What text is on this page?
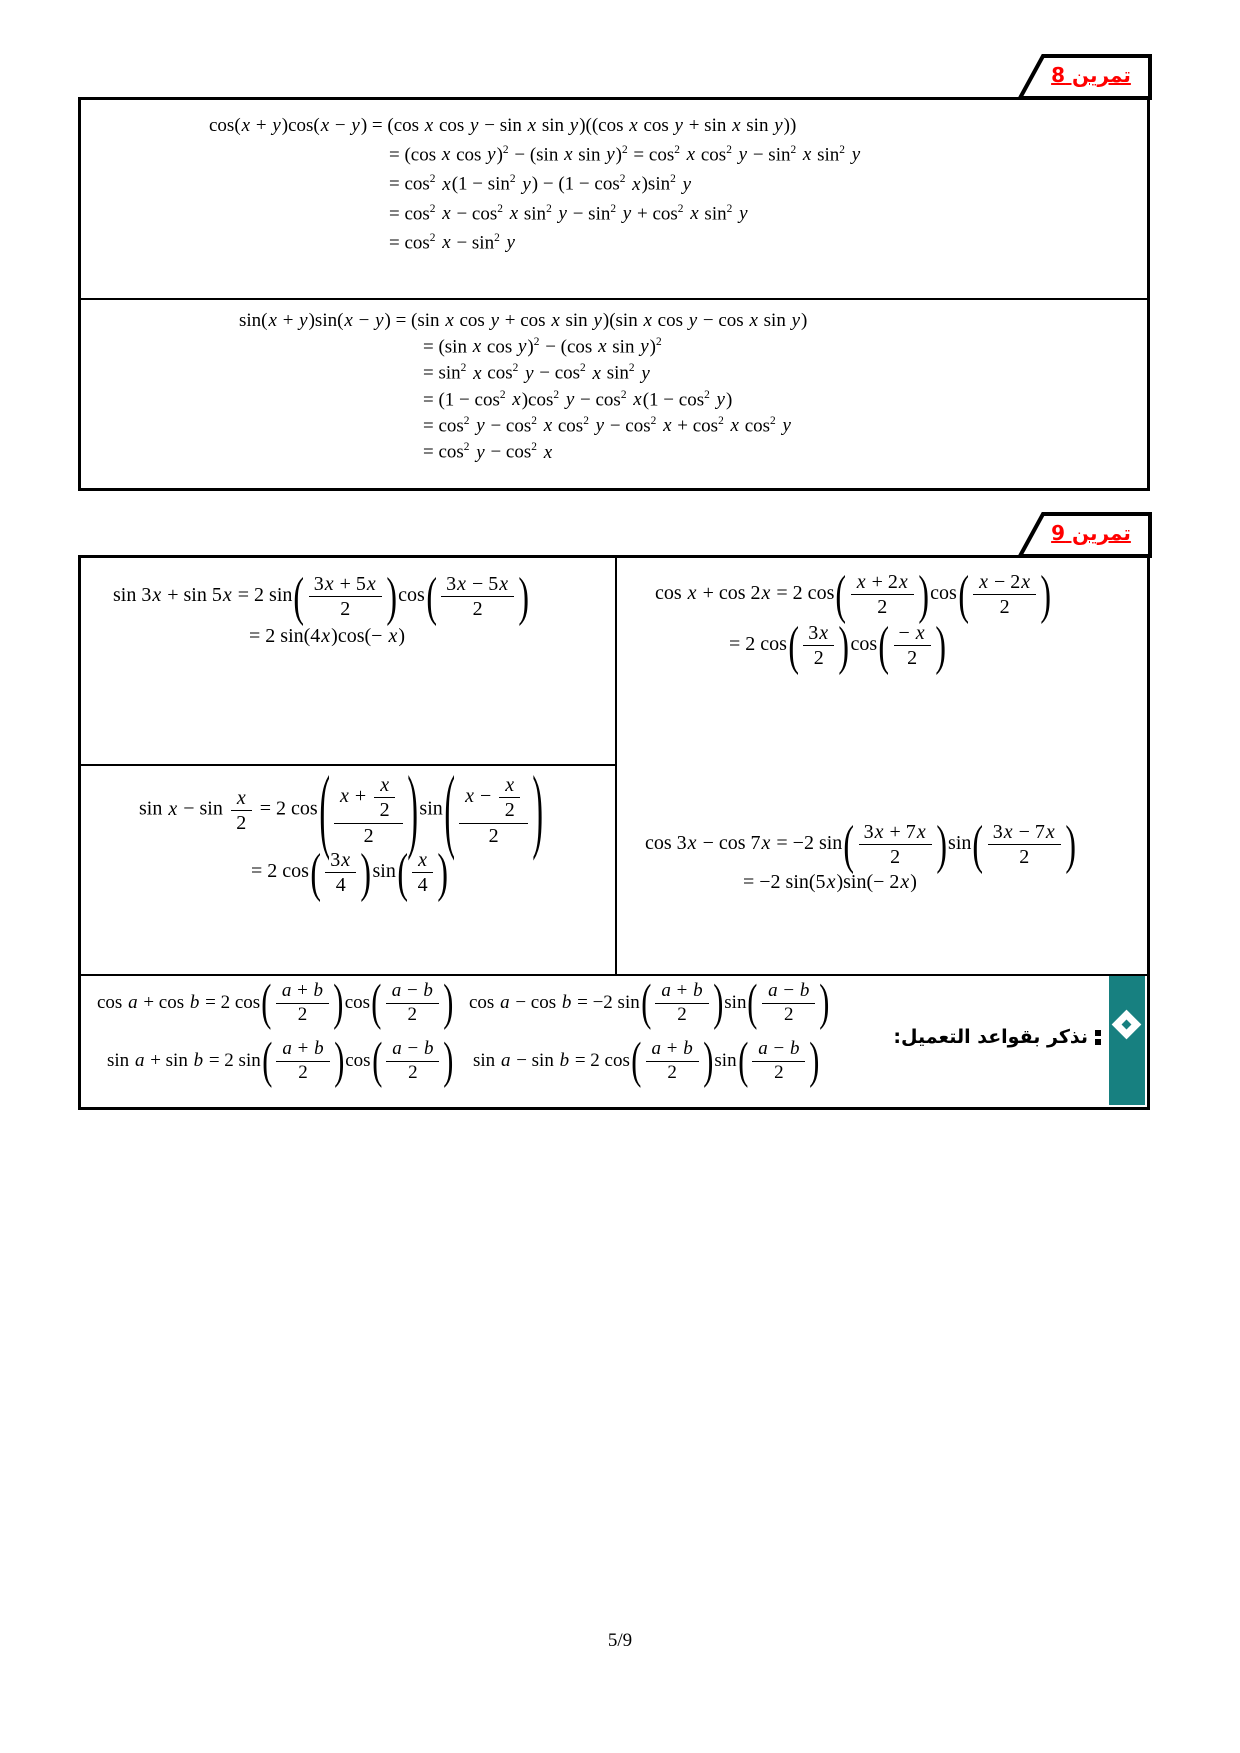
تمرين 8
cos(x + y)cos(x − y) = (cos x cos y − sin x sin y)((cos x cos y + sin x sin y))
= (cos x cos y)$^2$ − (sin x $\sin y)^2 = \cos^2 x$ $\cos^2 y - \sin^2 x$ $\sin^2 y$
= $\cos^2 x(1 - \sin^2 y) - (1 - \cos^2 x)\sin^2$ y
= $\cos^2 x - \cos^2 x$ $\sin^2 y - \sin^2 y + \cos^2 x$ $\sin^2 y$
= $\cos^2 x - \sin^2 y$
sin(x + y)sin(x − y) = (sin x cos y + cos x sin y)(sin x cos y − cos x sin y)
= (sin x cos y)$^2$ − (cos x sin y)$^2$
= $\sin^2 x$ $\cos^2 y - \cos^2 x$ $\sin^2 y$
= $(1 - \cos^2 x)\cos^2$ $y - \cos^2 x(1 - \cos^2 y)$
= $\cos^2 y - \cos^2 x$ $\cos^2 y - \cos^2 x + \cos^2 x$ $\cos^2 y$
= $\cos^2 y - \cos^2 x$
تمرين 9
sin 3x + sin 5x = 2 $\sin( \frac{3x + 5x}{2} )\cos( \frac{3x - 5x}{2}$ )
= 2 sin(4x)cos(− x)
cos x + cos 2x = 2 $\cos( \frac{x + 2x}{2} )\cos( \frac{x - 2x}{2}$ )
= 2 $\cos( \frac{3x}{2} )\cos( \frac{- x}{2}$ )
$\sin x - \sin \frac{x}{2} = 2$ $\cos( \frac{x + \frac{x}{2}}{2} )\sin( \frac{x - \frac{x}{2}}{2}$ )
= 2 $\cos( \frac{3x}{4} )\sin( \frac{x}{4}$ )	cos 3x − cos 7x = −2 $\sin( \frac{3x + 7x}{2} )\sin( \frac{3x - 7x}{2}$ )
= −2 sin(5x)sin(− 2x)
cos a + cos b = 2 $\cos( \frac{a + b}{2} )\cos( \frac{a - b}{2}$ ) cos a − cos b = −2 $\sin( \frac{a + b}{2} )\sin( \frac{a - b}{2}$ )
sin a + sin b = 2 $\sin( \frac{a + b}{2} )\cos( \frac{a - b}{2}$ ) sin a − sin b = 2 $\cos( \frac{a + b}{2} )\sin( \frac{a - b}{2}$ )	نذكر بقواعد التعميل:
5/9
